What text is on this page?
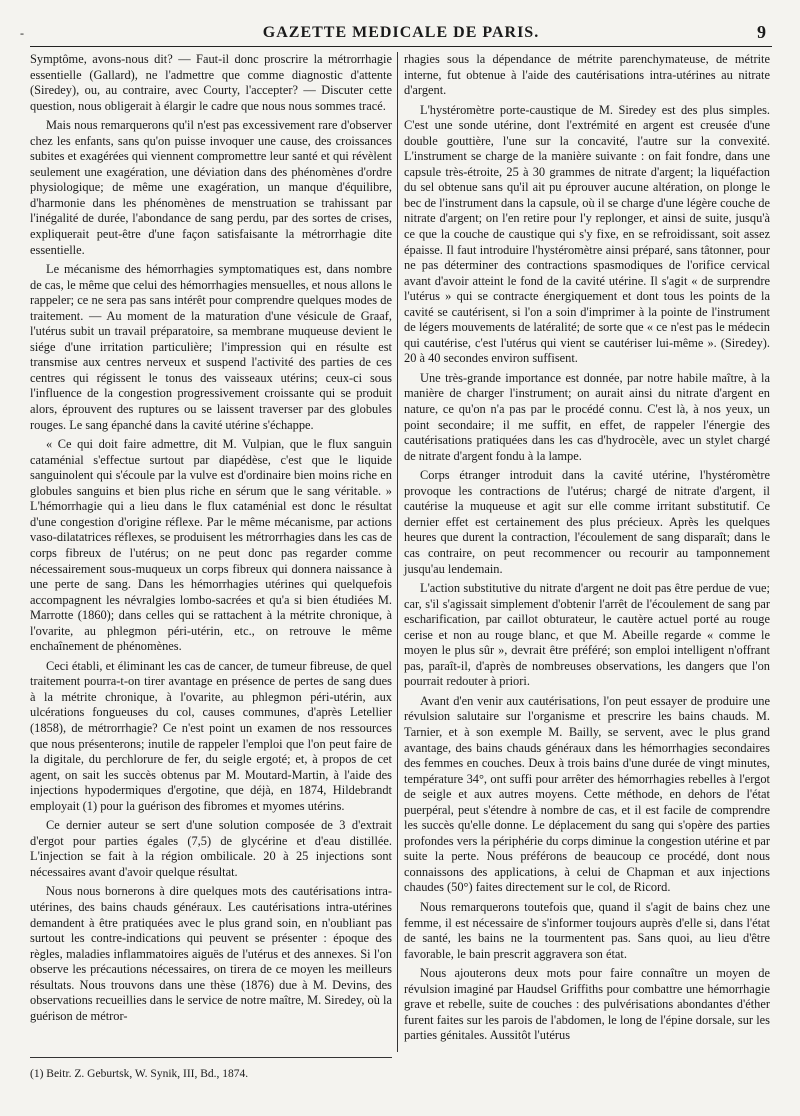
-	GAZETTE MEDICALE DE PARIS.	9

Symptôme, avons-nous dit? — Faut-il donc proscrire la métrorrhagie essentielle (Gallard), ne l'admettre que comme diagnostic d'attente (Siredey), ou, au contraire, avec Courty, l'accepter? — Discuter cette question, nous obligerait à élargir le cadre que nous nous sommes tracé.

Mais nous remarquerons qu'il n'est pas excessivement rare d'observer chez les enfants, sans qu'on puisse invoquer une cause, des croissances subites et exagérées qui viennent compromettre leur santé et qui révèlent seulement une exagération, une déviation dans des phénomènes d'ordre physiologique; de même une exagération, un manque d'équilibre, d'harmonie dans les phénomènes de menstruation se trahissant par l'inégalité de durée, l'abondance de sang perdu, par des sortes de crises, expliquerait peut-être d'une façon satisfaisante la métrorrhagie dite essentielle.

Le mécanisme des hémorrhagies symptomatiques est, dans nombre de cas, le même que celui des hémorrhagies mensuelles, et nous allons le rappeler; ce ne sera pas sans intérêt pour comprendre quelques modes de traitement. — Au moment de la maturation d'une vésicule de Graaf, l'utérus subit un travail préparatoire, sa membrane muqueuse devient le siége d'une irritation particulière; l'impression qui en résulte est transmise aux centres nerveux et suspend l'activité des parties de ces centres qui régissent le tonus des vaisseaux utérins; ceux-ci sous l'influence de la congestion progressivement croissante qui se produit alors, éprouvent des ruptures ou se laissent traverser par des globules rouges. Le sang épanché dans la cavité utérine s'échappe.

« Ce qui doit faire admettre, dit M. Vulpian, que le flux sanguin cataménial s'effectue surtout par diapédèse, c'est que le liquide sanguinolent qui s'écoule par la vulve est d'ordinaire bien moins riche en globules sanguins et bien plus riche en sérum que le sang véritable. » L'hémorrhagie qui a lieu dans le flux cataménial est donc le résultat d'une congestion d'origine réflexe. Par le même mécanisme, par actions vaso-dilatatrices réflexes, se produisent les métrorrhagies dans les cas de corps fibreux de l'utérus; on ne peut donc pas regarder comme nécessairement sous-muqueux un corps fibreux qui donnera naissance à une perte de sang. Dans les hémorrhagies utérines qui quelquefois accompagnent les névralgies lombo-sacrées et qu'a si bien étudiées M. Marrotte (1860); dans celles qui se rattachent à la métrite chronique, à l'ovarite, au phlegmon péri-utérin, etc., on retrouve le même enchaînement de phénomènes.

Ceci établi, et éliminant les cas de cancer, de tumeur fibreuse, de quel traitement pourra-t-on tirer avantage en présence de pertes de sang dues à la métrite chronique, à l'ovarite, au phlegmon péri-utérin, aux ulcérations fongueuses du col, causes communes, d'après Letellier (1858), de métrorrhagie? Ce n'est point un examen de nos ressources que nous présenterons; inutile de rappeler l'emploi que l'on peut faire de la digitale, du perchlorure de fer, du seigle ergoté; et, à propos de cet agent, on sait les succès obtenus par M. Moutard-Martin, à l'aide des injections hypodermiques d'ergotine, que déjà, en 1874, Hildebrandt employait (1) pour la guérison des fibromes et myomes utérins.

Ce dernier auteur se sert d'une solution composée de 3 d'extrait d'ergot pour parties égales (7,5) de glycérine et d'eau distillée. L'injection se fait à la région ombilicale. 20 à 25 injections sont nécessaires avant d'avoir quelque résultat.

Nous nous bornerons à dire quelques mots des cautérisations intra-utérines, des bains chauds généraux. Les cautérisations intra-utérines demandent à être pratiquées avec le plus grand soin, en n'oubliant pas surtout les contre-indications qui peuvent se présenter : époque des règles, maladies inflammatoires aiguës de l'utérus et des annexes. Si l'on observe les précautions nécessaires, on tirera de ce moyen les meilleurs résultats. Nous trouvons dans une thèse (1876) due à M. Devins, des observations recueillies dans le service de notre maître, M. Siredey, où la guérison de métror-

rhagies sous la dépendance de métrite parenchymateuse, de métrite interne, fut obtenue à l'aide des cautérisations intra-utérines au nitrate d'argent.

L'hystéromètre porte-caustique de M. Siredey est des plus simples. C'est une sonde utérine, dont l'extrémité en argent est creusée d'une double gouttière, l'une sur la concavité, l'autre sur la convexité. L'instrument se charge de la manière suivante : on fait fondre, dans une capsule très-étroite, 25 à 30 grammes de nitrate d'argent; la liquéfaction du sel obtenue sans qu'il ait pu éprouver aucune altération, on plonge le bec de l'instrument dans la capsule, où il se charge d'une légère couche de nitrate d'argent; on l'en retire pour l'y replonger, et ainsi de suite, jusqu'à ce que la couche de caustique qui s'y fixe, en se refroidissant, soit assez épaisse. Il faut introduire l'hystéromètre ainsi préparé, sans tâtonner, pour ne pas déterminer des contractions spasmodiques de l'orifice cervical avant d'avoir atteint le fond de la cavité utérine. Il s'agit « de surprendre l'utérus » qui se contracte énergiquement et dont tous les points de la cavité se cautérisent, si l'on a soin d'imprimer à la pointe de l'instrument de légers mouvements de latéralité; de sorte que « ce n'est pas le médecin qui cautérise, c'est l'utérus qui vient se cautériser lui-même ». (Siredey). 20 à 40 secondes environ suffisent.

Une très-grande importance est donnée, par notre habile maître, à la manière de charger l'instrument; on aurait ainsi du nitrate d'argent en nature, ce qu'on n'a pas par le procédé connu. C'est là, à nos yeux, un point secondaire; il me suffit, en effet, de rappeler l'énergie des cautérisations pratiquées dans les cas d'hydrocèle, avec un stylet chargé de nitrate d'argent fondu à la lampe.

Corps étranger introduit dans la cavité utérine, l'hystéromètre provoque les contractions de l'utérus; chargé de nitrate d'argent, il cautérise la muqueuse et agit sur elle comme irritant substitutif. Ce dernier effet est certainement des plus précieux. Après les quelques heures que durent la contraction, l'écoulement de sang disparaît; dans le cas contraire, on peut recommencer ou recourir au tamponnement jusqu'au lendemain.

L'action substitutive du nitrate d'argent ne doit pas être perdue de vue; car, s'il s'agissait simplement d'obtenir l'arrêt de l'écoulement de sang par escharification, par caillot obturateur, le cautère actuel porté au rouge cerise et non au rouge blanc, et que M. Abeille regarde « comme le moyen le plus sûr », devrait être préféré; son emploi intelligent n'offrant pas, paraît-il, d'après de nombreuses observations, les dangers que l'on pourrait redouter à priori.

Avant d'en venir aux cautérisations, l'on peut essayer de produire une révulsion salutaire sur l'organisme et prescrire les bains chauds. M. Tarnier, et à son exemple M. Bailly, se servent, avec le plus grand avantage, des bains chauds généraux dans les hémorrhagies secondaires des femmes en couches. Deux à trois bains d'une durée de vingt minutes, température 34°, ont suffi pour arrêter des hémorrhagies rebelles à l'ergot de seigle et aux autres moyens. Cette méthode, en dehors de l'état puerpéral, peut s'étendre à nombre de cas, et il est facile de comprendre les succès qu'elle donne. Le déplacement du sang qui s'opère des parties profondes vers la périphérie du corps diminue la congestion utérine et par suite la perte. Nous préférons de beaucoup ce procédé, dont nous connaissons des applications, à celui de Chapman et aux injections chaudes (50°) faites directement sur le col, de Ricord.

Nous remarquerons toutefois que, quand il s'agit de bains chez une femme, il est nécessaire de s'informer toujours auprès d'elle si, dans l'état de santé, les bains ne la tourmentent pas. Sans quoi, au lieu d'être favorable, le bain prescrit aggravera son état.

Nous ajouterons deux mots pour faire connaître un moyen de révulsion imaginé par Haudsel Griffiths pour combattre une hémorrhagie grave et rebelle, suite de couches : des pulvérisations abondantes d'éther furent faites sur les parois de l'abdomen, le long de l'épine dorsale, sur les parties génitales. Aussitôt l'utérus

(1) Beitr. Z. Geburtsk, W. Synik, III, Bd., 1874.
